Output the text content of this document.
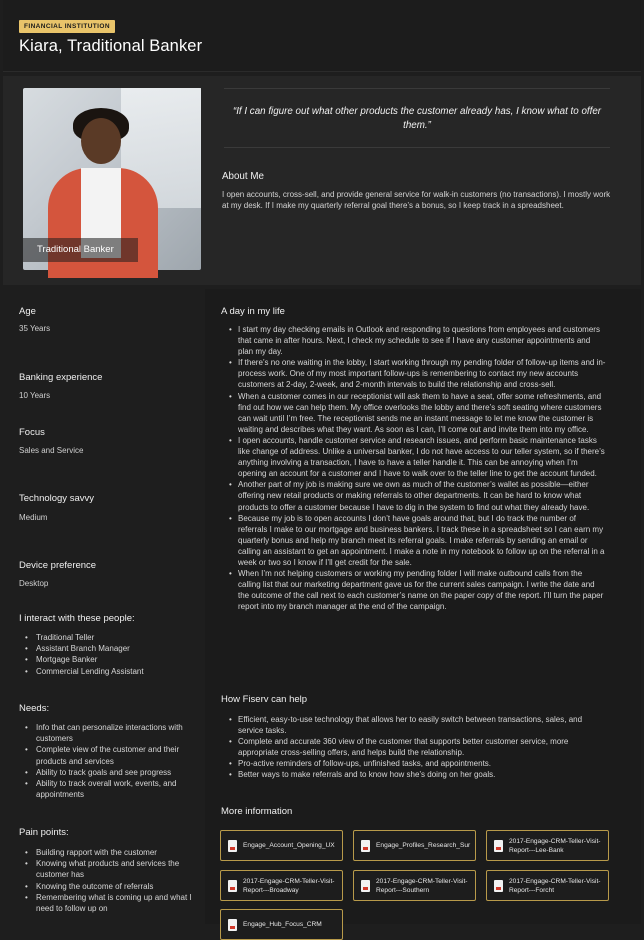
FINANCIAL INSTITUTION
Kiara, Traditional Banker
Traditional Banker
“If I can figure out what other products the customer already has, I know what to offer them.”
About Me
I open accounts, cross-sell, and provide general service for walk-in customers (no transactions). I mostly work at my desk. If I make my quarterly referral goal there’s a bonus, so I keep track in a spreadsheet.
Age
35 Years
Banking experience
10 Years
Focus
Sales and Service
Technology savvy
Medium
Device preference
Desktop
I interact with these people:
• Traditional Teller
• Assistant Branch Manager
• Mortgage Banker
• Commercial Lending Assistant
Needs:
• Info that can personalize interactions with customers
• Complete view of the customer and their products and services
• Ability to track goals and see progress
• Ability to track overall work, events, and appointments
Pain points:
• Building rapport with the customer
• Knowing what products and services the customer has
• Knowing the outcome of referrals
• Remembering what is coming up and what I need to follow up on
A day in my life
• I start my day checking emails in Outlook and responding to questions from employees and customers that came in after hours. Next, I check my schedule to see if I have any customer appointments and plan my day.
• If there’s no one waiting in the lobby, I start working through my pending folder of follow-up items and in-process work. One of my most important follow-ups is remembering to contact my new accounts customers at 2-day, 2-week, and 2-month intervals to build the relationship and cross-sell.
• When a customer comes in our receptionist will ask them to have a seat, offer some refreshments, and find out how we can help them. My office overlooks the lobby and there’s soft seating where customers can wait until I’m free. The receptionist sends me an instant message to let me know the customer is waiting and describes what they want. As soon as I can, I’ll come out and invite them into my office.
• I open accounts, handle customer service and research issues, and perform basic maintenance tasks like change of address. Unlike a universal banker, I do not have access to our teller system, so if there’s anything involving a transaction, I have to have a teller handle it. This can be annoying when I’m opening an account for a customer and I have to walk over to the teller line to get the account funded.
• Another part of my job is making sure we own as much of the customer’s wallet as possible—either offering new retail products or making referrals to other departments. It can be hard to know what products to offer a customer because I have to dig in the system to find out what they already have.
• Because my job is to open accounts I don’t have goals around that, but I do track the number of referrals I make to our mortgage and business bankers. I track these in a spreadsheet so I can earn my quarterly bonus and help my branch meet its referral goals. I make referrals by sending an email or calling an assistant to get an appointment. I make a note in my notebook to follow up on the referral in a week or two so I know if I’ll get credit for the sale.
• When I’m not helping customers or working my pending folder I will make outbound calls from the calling list that our marketing department gave us for the current sales campaign. I write the date and the outcome of the call next to each customer’s name on the paper copy of the report. I’ll turn the paper report into my branch manager at the end of the campaign.
How Fiserv can help
• Efficient, easy-to-use technology that allows her to easily switch between transactions, sales, and service tasks.
• Complete and accurate 360 view of the customer that supports better customer service, more appropriate cross-selling offers, and helps build the relationship.
• Pro-active reminders of follow-ups, unfinished tasks, and appointments.
• Better ways to make referrals and to know how she’s doing on her goals.
More information
Engage_Account_Opening_UX	Engage_Profiles_Research_Sur
2017-Engage-CRM-Teller-Visit-Report---Lee-Bank
2017-Engage-CRM-Teller-Visit-Report---Broadway
2017-Engage-CRM-Teller-Visit-Report---Southern
2017-Engage-CRM-Teller-Visit-Report---Forcht
Engage_Hub_Focus_CRM
